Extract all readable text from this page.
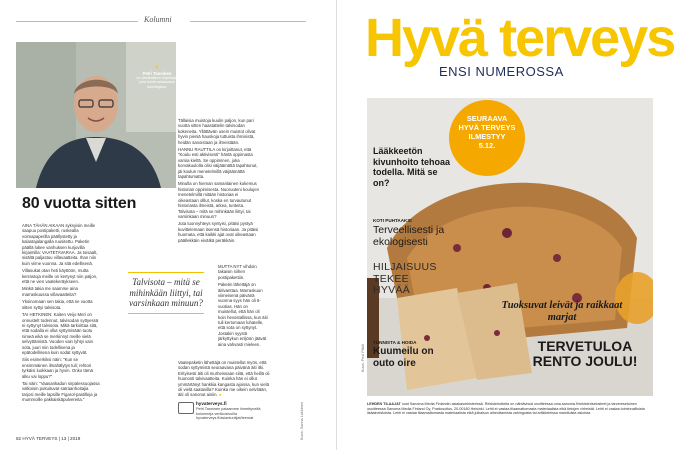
Kolumni
‹
Petri Tanninen
on viestintäinen kirjoittaja, joka toimii vastaavana toimittajana.
80 vuotta sitten

AINA TÄHÄN AIKAAN syksyisin meille saapuu postipaketti, ruskealla voimapaperilla päällystetty ja kalastajalangalla ruusitettu. Paketin päällä lukee vanhuksen kurjuvilla kirjaimilla: VAATETAVARAA. Ja toisaalt, sisältä paljastuu villavaatteita. Ihan niin kuin viime vuonna. Ja sitä edellisenä.

Villasukat otan heti käyttöön, mutta kerrastoja meille on kertynyt niin paljon, että ne vien vaatekeräykseen.

Minkä takia me saamme aina marraskuussa villavaatteita?

Yksinomaan sen takia, että ne vuotta sitten syttyi talvisota.

TAI HETKINEN: Kaiten Veijo Meri on onnustelt todennut, talvisodan syttyessä ei syttynyt talvisota. Mikä tarkoittaa sitä, että sodalla ei ollut syttymisään tuotu nimeä eikä se merkinnyt meille vielä selvyttämistä. Vuoden vain lyhtyi vain sota, juuri niin todellisena ja epätodellisena kuin sodat syttyvät.

Siis esimerkiksi näin: "Kun se ensimmäinen ilmahälytys tuli; rehtori tyrkäisi luokkaan ja hyvin. Onko tämä alku vai loppu?"

Tai näin: "Vaasankadun sirpalessuojassa valkoisin pukuituvat satraanhoitajia tarjosi meille lapsille Figarol-pastilleja ja mummoille pakkaiskäpulvereita."

Tällaisia muistoja kuulin paljon, kun pari vuotta sitten haastattelin talvisodan kokeneita. Yllättävän usein muistot olivat hyvin pieniä hauskoja tuttuista ihmisistä, heidän sanoistaan ja ilmeistään.

HANNU RAUTTILA on kirjoittanut, että "Koulu esti aktivisesti" häntä oppimasta varsia kieltä. Se oppiminen, joka korvakuulolla olisi väijäämättä tapahtunut, jäi koulun menetelmillä väijäämättä tapahtumatta.

Minulla on hieman samanlainen kokemus historian oppimisesta. Nuoruuteni koulujen menetelmillä mitään historiaa ei oikeastaan olllut, koska en turvautunut historiasta ilmeistä, arkea, tunteita. Talvisota – mitä se mihinkään liittyi, tai varsinkaan minuun?

Juta tuonnyhteys syntyisi, pitäisi pystyä kuvittelemaan itsensä historiaan. Ja pitäisi huomata, että kaikki ajat ovat oikeastaan päällekkäin eivätkä peräkkäin.

Talvisota – mitä se mihinkään liittyi, tai varsinkaan minuun?

MUTTA NYT vihdoin takaisin siihen postipakettiin.

Paketin lähettäjä on äitivanttaa. Marraskuun viimeisenä päivänä vuonna syys hän oli 6-vuotias. Hän on muistellut, että hän oli koin hevostallissa, kun äiti tuli kertomaan luhatelle, että sota on syttynyt. Jostakin syystä järkyttykun enljöön jäävät aina vahvasti mieleen.

Vaatepaketin lähettäjä on muistellut myös, että sodan syttymistä seuraavana päivänä äiti itki. Erityisesti äiti oli murheissaan siitä, että heillä oli huonosti talvivaatteita. Kuinka hän ei ollut ymmärtänyt hankkia kangasta ajoissa, kun vielä oli vielä saatavilla? Kuinka me oikein selvitään, äiti oli sanonut aisiin. ●

hyvaterveys.fi
Petri Tanninen palaamme ihmettyneitä kolumneja verkkosivuilla hyvaterveys.fi/asiantuntijat/teemat	Kuva: Sanna Lakkinen
82 HYVÄ TERVEYS | 13 | 2019
Hyvä terveys
ENSI NUMEROSSA
SEURAAVA
HYVÄ TERVEYS
ILMESTYY
5.12.
Lääkkeetön kivunhoito tehoaa todella. Mitä se on?
KOTI PUHTAAKSI
Terveellisesti ja ekologisesti
HILJAISUUS TEKEE HYVÄÄ
Tuoksuvat leivät ja raikkaat marjat
TUNNISTA & HOIDA
Kuumeilu on outo oire
TERVETULOA RENTO JOULU!
Kuva: Pexi Pikkli
LEHDEN TILAAJAT ovat Sanoma Media Finlandin asiakasrekisterissä. Rekisteriotteita on nähtävissä osoitteessa oma.sanoma.fi/rekisteriselosteet ja tarveresetoinen osoitteessa Sanoma Media Finland Oy, Postiosoitus, 20-00180 Helsinki. Lehti ei vastaa tilaamattomasta materiaalista eikä tietojen virheistä. Lehti ei vastaa toiminnallisista lisäaineistoista. Lehti ei vastaa tilaamattomasta materiaalista eikä julkaisun aiheuttamista vahingoista tai artikkeleissa mainituista asioista.
